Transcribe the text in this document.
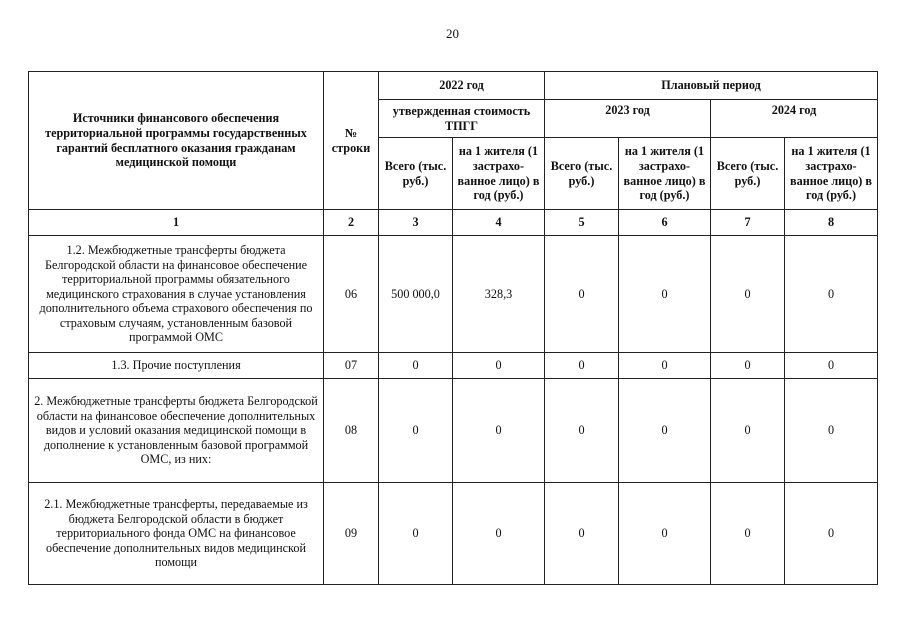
20
Источники финансового обеспечения территориальной программы государственных гарантий бесплатного оказания гражданам медицинской помощи	№ строки	2022 год		Плановый период			
		утвержденная стоимость ТПГГ		2023 год		2024 год	
		Всего (тыс. руб.)	на 1 жителя (1 застрахо-ванное лицо) в год (руб.)	Всего (тыс. руб.)	на 1 жителя (1 застрахо-ванное лицо) в год (руб.)	Всего (тыс. руб.)	на 1 жителя (1 застрахо-ванное лицо) в год (руб.)
1	2	3	4	5	6	7	8
1.2. Межбюджетные трансферты бюджета Белгородской области на финансовое обеспечение территориальной программы обязательного медицинского страхования в случае установления дополнительного объема страхового обеспечения по страховым случаям, установленным базовой программой ОМС	06	500 000,0	328,3	0	0	0	0
1.3. Прочие поступления	07	0	0	0	0	0	0
2. Межбюджетные трансферты бюджета Белгородской области на финансовое обеспечение дополнительных видов и условий оказания медицинской помощи в дополнение к установленным базовой программой ОМС, из них:	08	0	0	0	0	0	0
2.1. Межбюджетные трансферты, передаваемые из бюджета Белгородской области в бюджет территориального фонда ОМС на финансовое обеспечение дополнительных видов медицинской помощи	09	0	0	0	0	0	0
